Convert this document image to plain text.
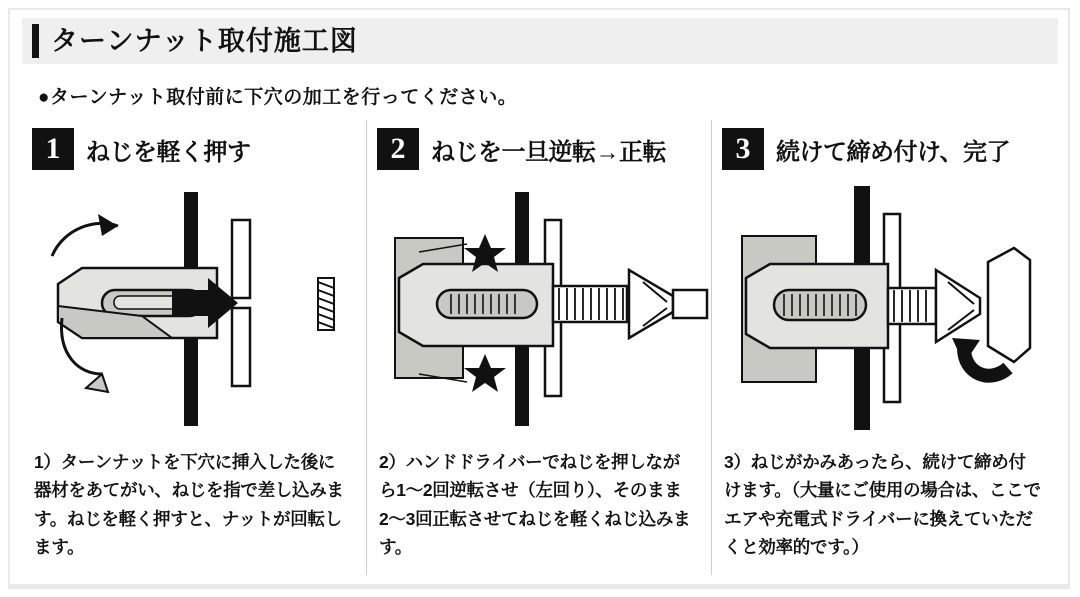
ターンナット取付施工図
●ターンナット取付前に下穴の加工を行ってください。
1	ねじを軽く押す
1）ターンナットを下穴に挿入した後に器材をあてがい、ねじを指で差し込みます。ねじを軽く押すと、ナットが回転します。
2	ねじを一旦逆転→正転
2）ハンドドライバーでねじを押しながら1〜2回逆転させ（左回り）、そのまま2〜3回正転させてねじを軽くねじ込みます。
3	続けて締め付け、完了
3）ねじがかみあったら、続けて締め付けます。（大量にご使用の場合は、ここでエアや充電式ドライバーに換えていただくと効率的です。）
